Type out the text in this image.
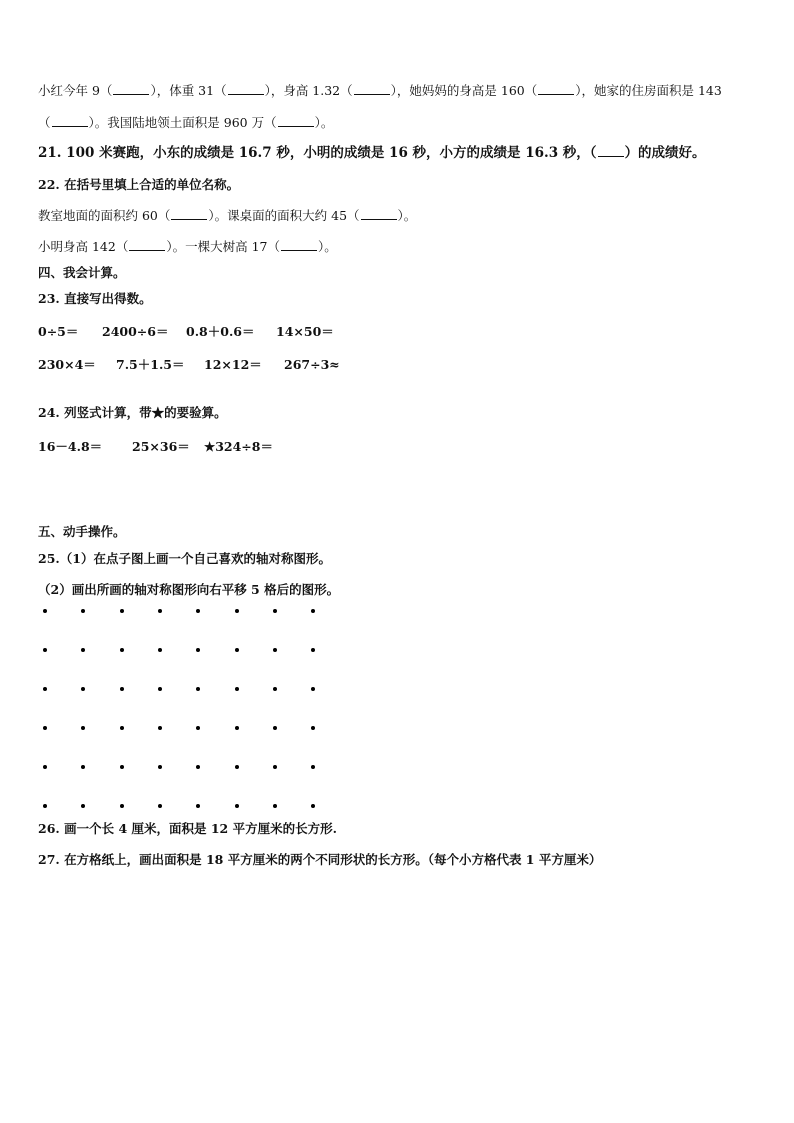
小红今年 9（	），体重 31（	），身高 1.32（	），她妈妈的身高是 160（	），她家的住房面积是 143
（	）。我国陆地领土面积是 960 万（	）。
21. 100 米赛跑，小东的成绩是 16.7 秒，小明的成绩是 16 秒，小方的成绩是 16.3 秒，（ ）的成绩好。
22. 在括号里填上合适的单位名称。
教室地面的面积约 60（	）。课桌面的面积大约 45（	）。
小明身高 142（	）。一棵大树高 17（	）。
四、我会计算。
23. 直接写出得数。
0÷5＝ 2400÷6＝ 0.8＋0.6＝ 14×50＝
230×4＝ 7.5＋1.5＝ 12×12＝ 267÷3≈
24. 列竖式计算，带★的要验算。
16－4.8＝ 25×36＝ ★324÷8＝
五、动手操作。
25.（1）在点子图上画一个自己喜欢的轴对称图形。
（2）画出所画的轴对称图形向右平移 5 格后的图形。
26. 画一个长 4 厘米，面积是 12 平方厘米的长方形.
27. 在方格纸上，画出面积是 18 平方厘米的两个不同形状的长方形。（每个小方格代表 1 平方厘米）
